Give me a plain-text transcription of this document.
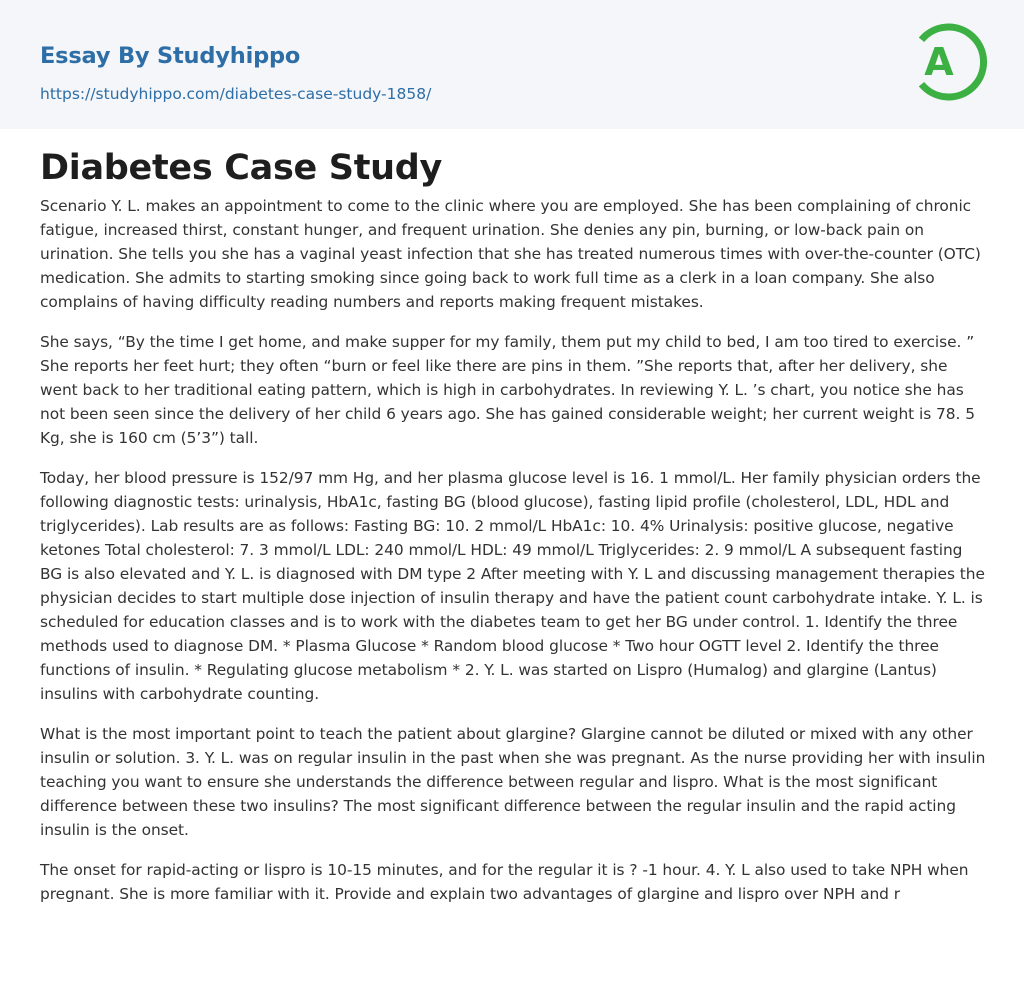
Essay By Studyhippo
https://studyhippo.com/diabetes-case-study-1858/
A
Diabetes Case Study

Scenario Y. L. makes an appointment to come to the clinic where you are employed. She has been complaining of chronic fatigue, increased thirst, constant hunger, and frequent urination. She denies any pin, burning, or low-back pain on urination. She tells you she has a vaginal yeast infection that she has treated numerous times with over-the-counter (OTC) medication. She admits to starting smoking since going back to work full time as a clerk in a loan company. She also complains of having difficulty reading numbers and reports making frequent mistakes.

She says, “By the time I get home, and make supper for my family, them put my child to bed, I am too tired to exercise. ” She reports her feet hurt; they often “burn or feel like there are pins in them. ”She reports that, after her delivery, she went back to her traditional eating pattern, which is high in carbohydrates. In reviewing Y. L. ’s chart, you notice she has not been seen since the delivery of her child 6 years ago. She has gained considerable weight; her current weight is 78. 5 Kg, she is 160 cm (5’3”) tall.

Today, her blood pressure is 152/97 mm Hg, and her plasma glucose level is 16. 1 mmol/L. Her family physician orders the following diagnostic tests: urinalysis, HbA1c, fasting BG (blood glucose), fasting lipid profile (cholesterol, LDL, HDL and triglycerides). Lab results are as follows: Fasting BG: 10. 2 mmol/L HbA1c: 10. 4% Urinalysis: positive glucose, negative ketones Total cholesterol: 7. 3 mmol/L LDL: 240 mmol/L HDL: 49 mmol/L Triglycerides: 2. 9 mmol/L A subsequent fasting BG is also elevated and Y. L. is diagnosed with DM type 2 After meeting with Y. L and discussing management therapies the physician decides to start multiple dose injection of insulin therapy and have the patient count carbohydrate intake. Y. L. is scheduled for education classes and is to work with the diabetes team to get her BG under control. 1. Identify the three methods used to diagnose DM. * Plasma Glucose * Random blood glucose * Two hour OGTT level 2. Identify the three functions of insulin. * Regulating glucose metabolism * 2. Y. L. was started on Lispro (Humalog) and glargine (Lantus) insulins with carbohydrate counting.

What is the most important point to teach the patient about glargine? Glargine cannot be diluted or mixed with any other insulin or solution. 3. Y. L. was on regular insulin in the past when she was pregnant. As the nurse providing her with insulin teaching you want to ensure she understands the difference between regular and lispro. What is the most significant difference between these two insulins? The most significant difference between the regular insulin and the rapid acting insulin is the onset.

The onset for rapid-acting or lispro is 10-15 minutes, and for the regular it is ? -1 hour. 4. Y. L also used to take NPH when pregnant. She is more familiar with it. Provide and explain two advantages of glargine and lispro over NPH and r
